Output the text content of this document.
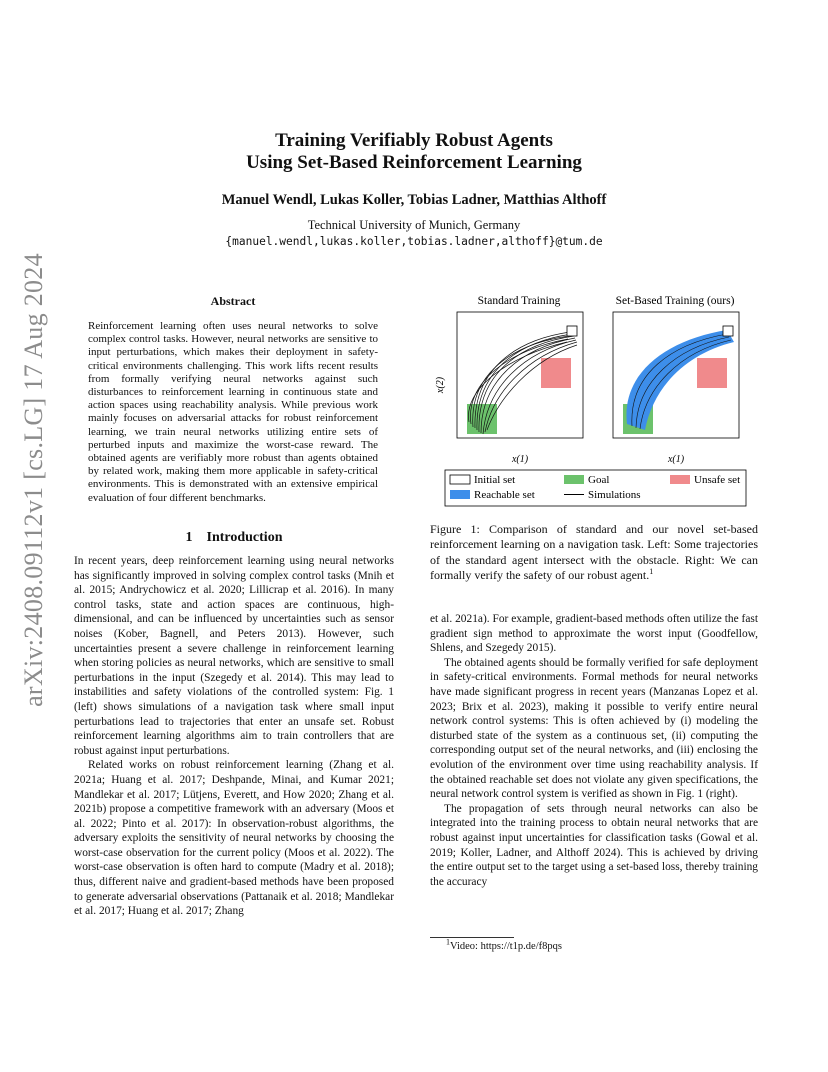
arXiv:2408.09112v1 [cs.LG] 17 Aug 2024
Training Verifiably Robust Agents
Using Set-Based Reinforcement Learning
Manuel Wendl, Lukas Koller, Tobias Ladner, Matthias Althoff
Technical University of Munich, Germany
{manuel.wendl,lukas.koller,tobias.ladner,althoff}@tum.de
Abstract

Reinforcement learning often uses neural networks to solve complex control tasks. However, neural networks are sensitive to input perturbations, which makes their deployment in safety-critical environments challenging. This work lifts recent results from formally verifying neural networks against such disturbances to reinforcement learning in continuous state and action spaces using reachability analysis. While previous work mainly focuses on adversarial attacks for robust reinforcement learning, we train neural networks utilizing entire sets of perturbed inputs and maximize the worst-case reward. The obtained agents are verifiably more robust than agents obtained by related work, making them more applicable in safety-critical environments. This is demonstrated with an extensive empirical evaluation of four different benchmarks.

1 Introduction

In recent years, deep reinforcement learning using neural networks has significantly improved in solving complex control tasks (Mnih et al. 2015; Andrychowicz et al. 2020; Lillicrap et al. 2016). In many control tasks, state and action spaces are continuous, high-dimensional, and can be influenced by uncertainties such as sensor noises (Kober, Bagnell, and Peters 2013). However, such uncertainties present a severe challenge in reinforcement learning when storing policies as neural networks, which are sensitive to small perturbations in the input (Szegedy et al. 2014). This may lead to instabilities and safety violations of the controlled system: Fig. 1 (left) shows simulations of a navigation task where small input perturbations lead to trajectories that enter an unsafe set. Robust reinforcement learning algorithms aim to train controllers that are robust against input perturbations.

Related works on robust reinforcement learning (Zhang et al. 2021a; Huang et al. 2017; Deshpande, Minai, and Kumar 2021; Mandlekar et al. 2017; Lütjens, Everett, and How 2020; Zhang et al. 2021b) propose a competitive framework with an adversary (Moos et al. 2022; Pinto et al. 2017): In observation-robust algorithms, the adversary exploits the sensitivity of neural networks by choosing the worst-case observation for the current policy (Moos et al. 2022). The worst-case observation is often hard to compute (Madry et al. 2018); thus, different naive and gradient-based methods have been proposed to generate adversarial observations (Pattanaik et al. 2018; Mandlekar et al. 2017; Huang et al. 2017; Zhang

Standard Training	Set-Based Training (ours)
x(2)
x(1)	x(1)
Initial set	Goal	Unsafe set
Reachable set	Simulations

Figure 1: Comparison of standard and our novel set-based reinforcement learning on a navigation task. Left: Some trajectories of the standard agent intersect with the obstacle. Right: We can formally verify the safety of our robust agent.$^1$

et al. 2021a). For example, gradient-based methods often utilize the fast gradient sign method to approximate the worst input (Goodfellow, Shlens, and Szegedy 2015).

The obtained agents should be formally verified for safe deployment in safety-critical environments. Formal methods for neural networks have made significant progress in recent years (Manzanas Lopez et al. 2023; Brix et al. 2023), making it possible to verify entire neural network control systems: This is often achieved by (i) modeling the disturbed state of the system as a continuous set, (ii) computing the corresponding output set of the neural networks, and (iii) enclosing the evolution of the environment over time using reachability analysis. If the obtained reachable set does not violate any given specifications, the neural network control system is verified as shown in Fig. 1 (right).

The propagation of sets through neural networks can also be integrated into the training process to obtain neural networks that are robust against input uncertainties for classification tasks (Gowal et al. 2019; Koller, Ladner, and Althoff 2024). This is achieved by driving the entire output set to the target using a set-based loss, thereby training the accuracy

$^1$Video: https://t1p.de/f8pqs
